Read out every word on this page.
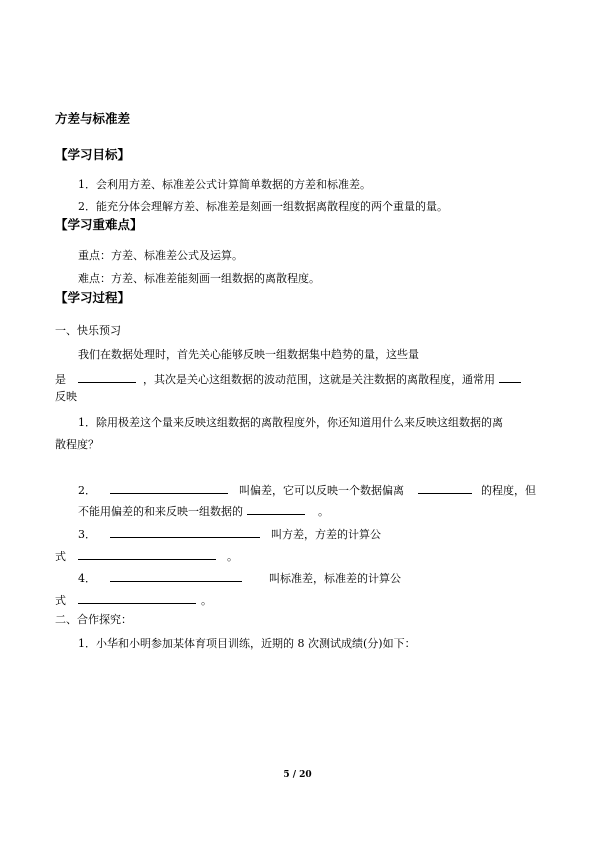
方差与标准差
【学习目标】
1．会利用方差、标准差公式计算简单数据的方差和标准差。
2．能充分体会理解方差、标准差是刻画一组数据离散程度的两个重量的量。
【学习重难点】
重点：方差、标准差公式及运算。
难点：方差、标准差能刻画一组数据的离散程度。
【学习过程】
一、快乐预习
我们在数据处理时，首先关心能够反映一组数据集中趋势的量，这些量
是	，其次是关心这组数据的波动范围，这就是关注数据的离散程度，通常用
反映
1．除用极差这个量来反映这组数据的离散程度外，你还知道用什么来反映这组数据的离
散程度？
2．	叫偏差，它可以反映一个数据偏离	的程度，但
不能用偏差的和来反映一组数据的	。
3．	叫方差，方差的计算公
式	。
4．	叫标准差，标准差的计算公
式	。
二、合作探究：
1．小华和小明参加某体育项目训练，近期的 8 次测试成绩(分)如下：
5 / 20
